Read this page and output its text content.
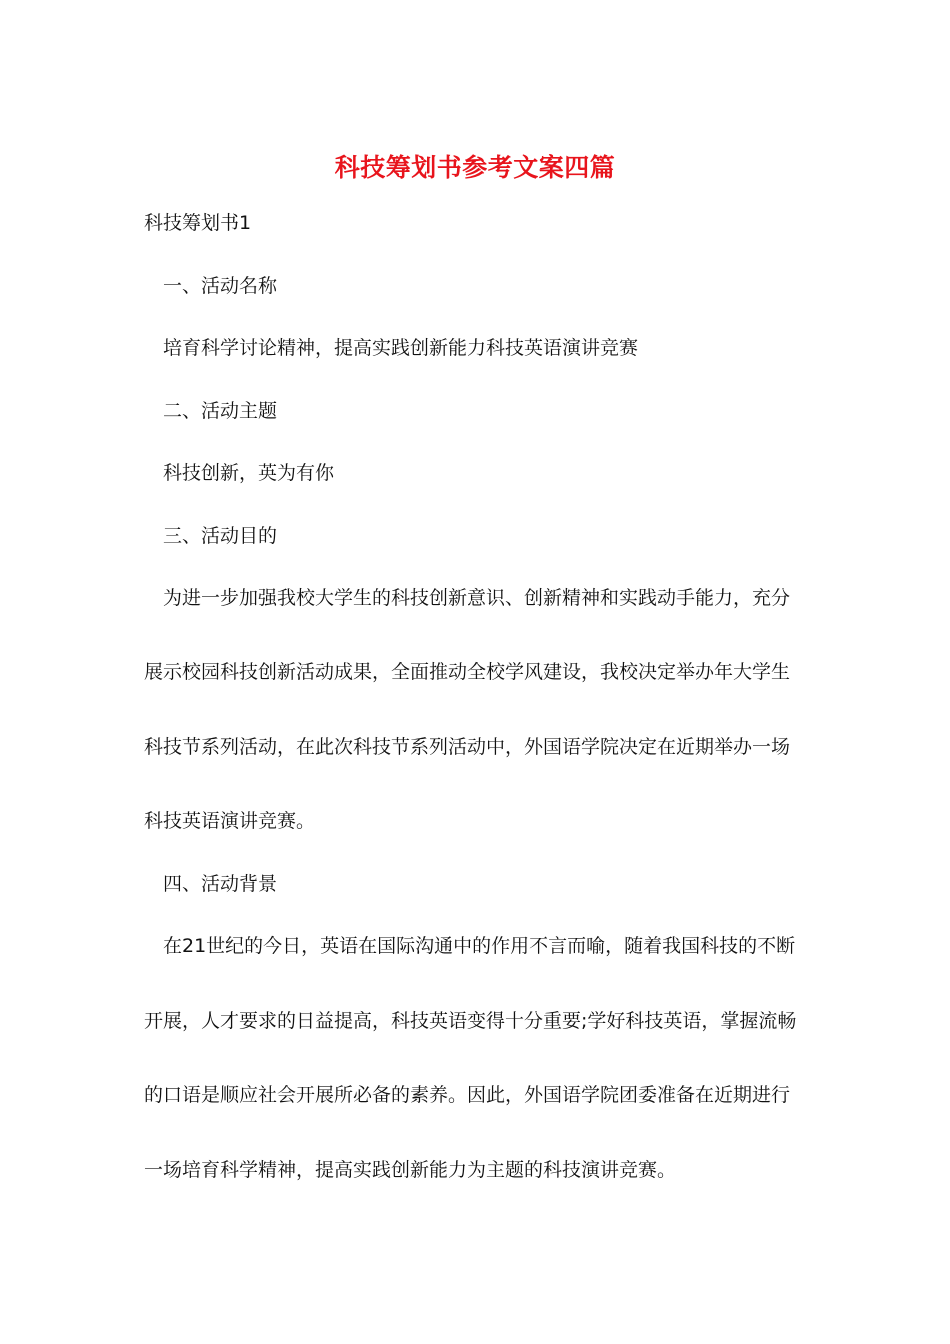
科技筹划书参考文案四篇

科技筹划书1

一、活动名称

培育科学讨论精神，提高实践创新能力科技英语演讲竞赛

二、活动主题

科技创新，英为有你

三、活动目的

为进一步加强我校大学生的科技创新意识、创新精神和实践动手能力，充分

展示校园科技创新活动成果，全面推动全校学风建设，我校决定举办年大学生

科技节系列活动，在此次科技节系列活动中，外国语学院决定在近期举办一场

科技英语演讲竞赛。

四、活动背景

在21世纪的今日，英语在国际沟通中的作用不言而喻，随着我国科技的不断

开展，人才要求的日益提高，科技英语变得十分重要;学好科技英语，掌握流畅

的口语是顺应社会开展所必备的素养。因此，外国语学院团委准备在近期进行

一场培育科学精神，提高实践创新能力为主题的科技演讲竞赛。
